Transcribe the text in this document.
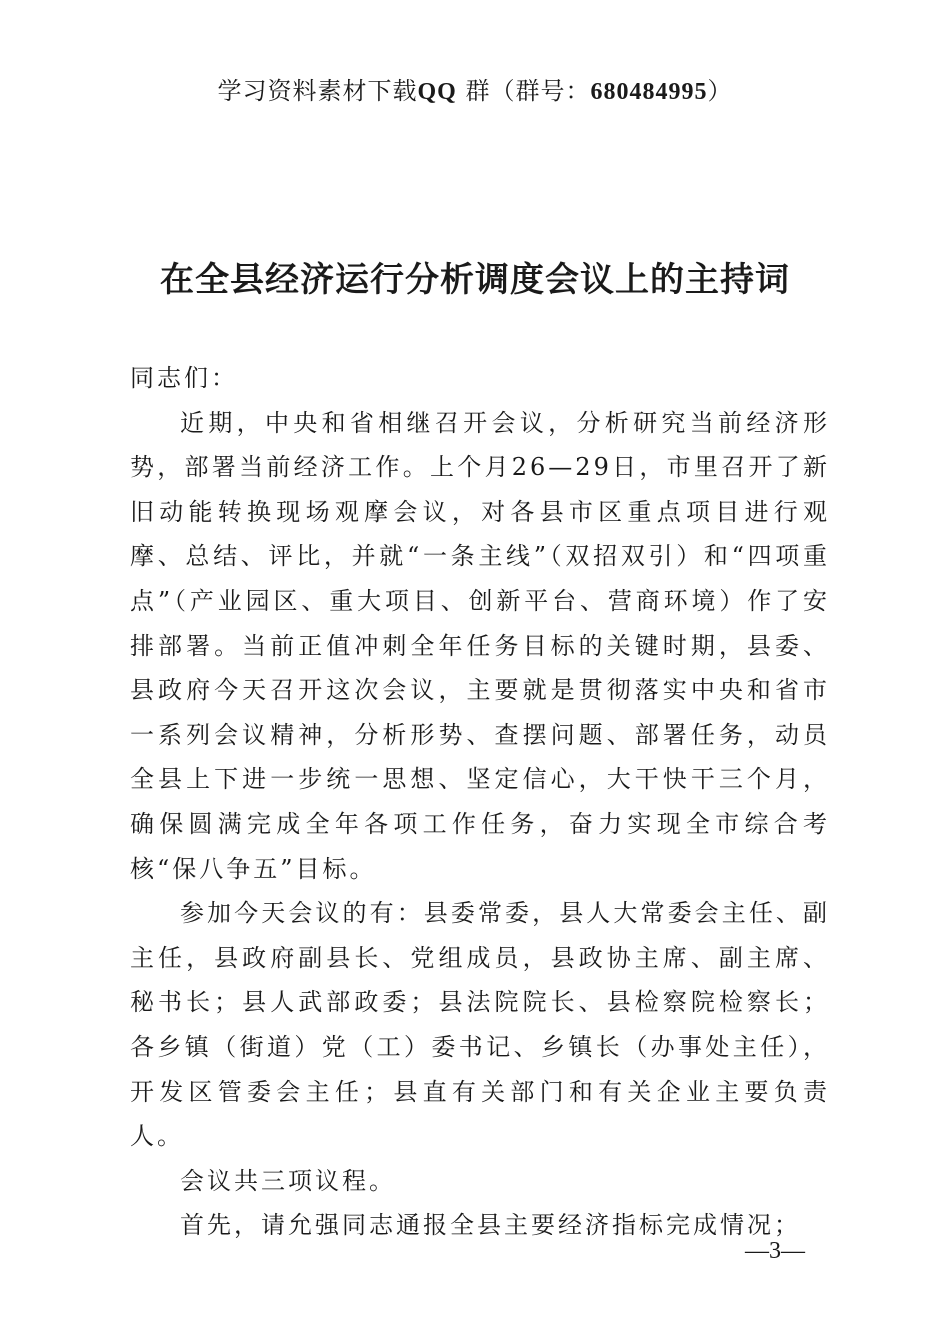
学习资料素材下载QQ 群（群号：680484995）
在全县经济运行分析调度会议上的主持词

同志们：

近期，中央和省相继召开会议，分析研究当前经济形势，部署当前经济工作。上个月26—29日，市里召开了新旧动能转换现场观摩会议，对各县市区重点项目进行观摩、总结、评比，并就“一条主线”（双招双引）和“四项重点”（产业园区、重大项目、创新平台、营商环境）作了安排部署。当前正值冲刺全年任务目标的关键时期，县委、县政府今天召开这次会议，主要就是贯彻落实中央和省市一系列会议精神，分析形势、查摆问题、部署任务，动员全县上下进一步统一思想、坚定信心，大干快干三个月，确保圆满完成全年各项工作任务，奋力实现全市综合考核“保八争五”目标。

参加今天会议的有：县委常委，县人大常委会主任、副主任，县政府副县长、党组成员，县政协主席、副主席、秘书长；县人武部政委；县法院院长、县检察院检察长；各乡镇（街道）党（工）委书记、乡镇长（办事处主任），开发区管委会主任；县直有关部门和有关企业主要负责人。

会议共三项议程。

首先，请允强同志通报全县主要经济指标完成情况；

—3—
